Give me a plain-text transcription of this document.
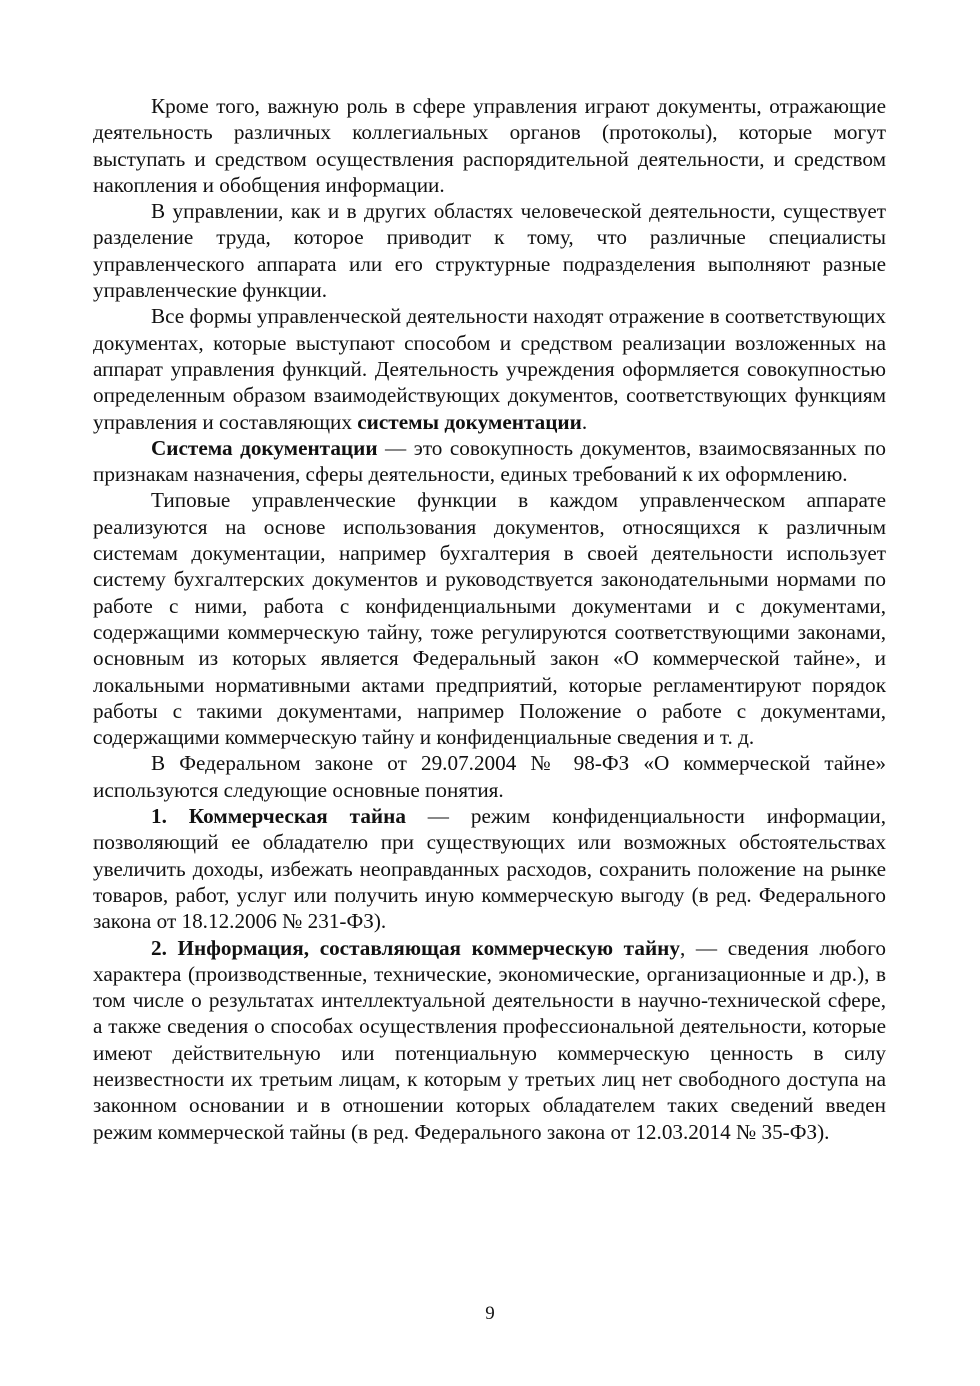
Кроме того, важную роль в сфере управления играют документы, отражающие деятельность различных коллегиальных органов (протоколы), которые могут выступать и средством осуществления распорядительной деятельности, и средством накопления и обобщения информации.

В управлении, как и в других областях человеческой деятельности, существует разделение труда, которое приводит к тому, что различные специалисты управленческого аппарата или его структурные подразделения выполняют разные управленческие функции.

Все формы управленческой деятельности находят отражение в соответствующих документах, которые выступают способом и средством реализации возложенных на аппарат управления функций. Деятельность учреждения оформляется совокупностью определенным образом взаимодействующих документов, соответствующих функциям управления и составляющих системы документации.

Система документации — это совокупность документов, взаимосвязанных по признакам назначения, сферы деятельности, единых требований к их оформлению.

Типовые управленческие функции в каждом управленческом аппарате реализуются на основе использования документов, относящихся к различным системам документации, например бухгалтерия в своей деятельности использует систему бухгалтерских документов и руководствуется законодательными нормами по работе с ними, работа с конфиденциальными документами и с документами, содержащими коммерческую тайну, тоже регулируются соответствующими законами, основным из которых является Федеральный закон «О коммерческой тайне», и локальными нормативными актами предприятий, которые регламентируют порядок работы с такими документами, например Положение о работе с документами, содержащими коммерческую тайну и конфиденциальные сведения и т. д.

В Федеральном законе от 29.07.2004 № 98-ФЗ «О коммерческой тайне» используются следующие основные понятия.

1. Коммерческая тайна — режим конфиденциальности информации, позволяющий ее обладателю при существующих или возможных обстоятельствах увеличить доходы, избежать неоправданных расходов, сохранить положение на рынке товаров, работ, услуг или получить иную коммерческую выгоду (в ред. Федерального закона от 18.12.2006 № 231-ФЗ).

2. Информация, составляющая коммерческую тайну, — сведения любого характера (производственные, технические, экономические, организационные и др.), в том числе о результатах интеллектуальной деятельности в научно-технической сфере, а также сведения о способах осуществления профессиональной деятельности, которые имеют действительную или потенциальную коммерческую ценность в силу неизвестности их третьим лицам, к которым у третьих лиц нет свободного доступа на законном основании и в отношении которых обладателем таких сведений введен режим коммерческой тайны (в ред. Федерального закона от 12.03.2014 № 35-ФЗ).

9
